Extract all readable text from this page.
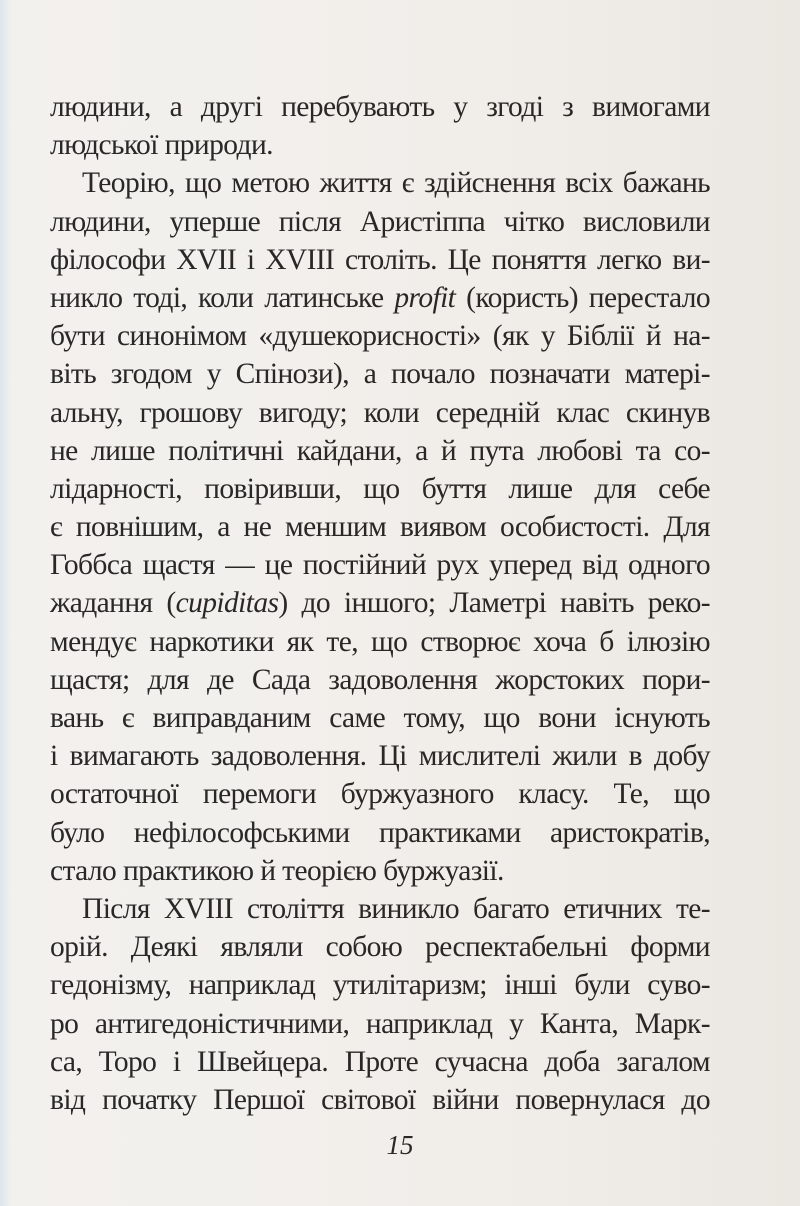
людини, а другі перебувають у згоді з вимогами
людської природи.
Теорію, що метою життя є здійснення всіх бажань
людини, уперше після Аристіппа чітко висловили
філософи XVII і XVIII століть. Це поняття легко ви-
никло тоді, коли латинське profit (користь) перестало
бути синонімом «душекорисності» (як у Біблії й на-
віть згодом у Спінози), а почало позначати матері-
альну, грошову вигоду; коли середній клас скинув
не лише політичні кайдани, а й пута любові та со-
лідарності, повіривши, що буття лише для себе
є повнішим, а не меншим виявом особистості. Для
Гоббса щастя — це постійний рух уперед від одного
жадання (cupiditas) до іншого; Ламетрі навіть реко-
мендує наркотики як те, що створює хоча б ілюзію
щастя; для де Сада задоволення жорстоких пори-
вань є виправданим саме тому, що вони існують
і вимагають задоволення. Ці мислителі жили в добу
остаточної перемоги буржуазного класу. Те, що
було нефілософськими практиками аристократів,
стало практикою й теорією буржуазії.
Після XVIII століття виникло багато етичних те-
орій. Деякі являли собою респектабельні форми
гедонізму, наприклад утилітаризм; інші були суво-
ро антигедоністичними, наприклад у Канта, Марк-
са, Торо і Швейцера. Проте сучасна доба загалом
від початку Першої світової війни повернулася до
15
